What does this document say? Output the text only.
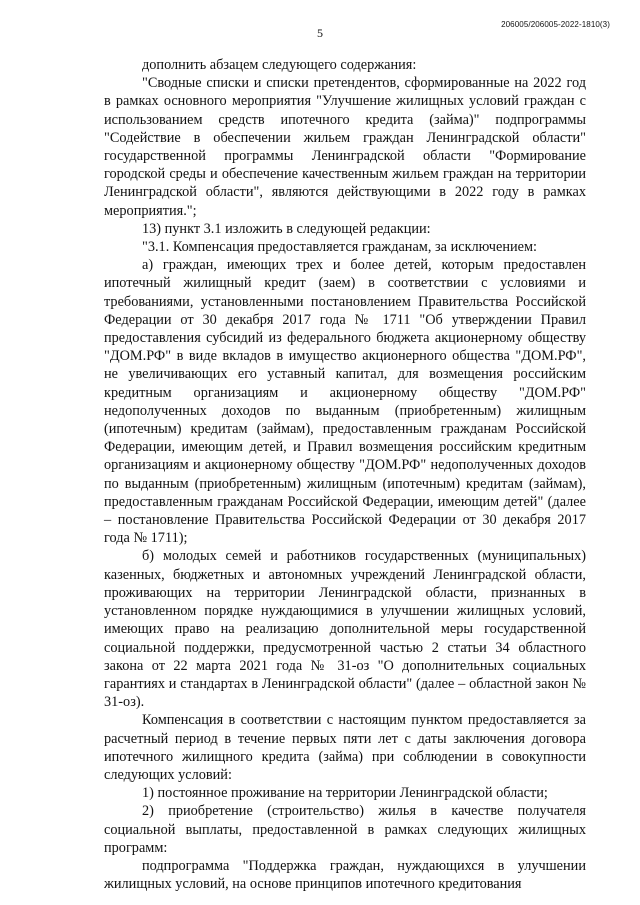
206005/206005-2022-1810(3)
5

дополнить абзацем следующего содержания:

"Сводные списки и списки претендентов, сформированные на 2022 год в рамках основного мероприятия "Улучшение жилищных условий граждан с использованием средств ипотечного кредита (займа)" подпрограммы "Содействие в обеспечении жильем граждан Ленинградской области" государственной программы Ленинградской области "Формирование городской среды и обеспечение качественным жильем граждан на территории Ленинградской области", являются действующими в 2022 году в рамках мероприятия.";

13) пункт 3.1 изложить в следующей редакции:

"3.1. Компенсация предоставляется гражданам, за исключением:

а) граждан, имеющих трех и более детей, которым предоставлен ипотечный жилищный кредит (заем) в соответствии с условиями и требованиями, установленными постановлением Правительства Российской Федерации от 30 декабря 2017 года № 1711 "Об утверждении Правил предоставления субсидий из федерального бюджета акционерному обществу "ДОМ.РФ" в виде вкладов в имущество акционерного общества "ДОМ.РФ", не увеличивающих его уставный капитал, для возмещения российским кредитным организациям и акционерному обществу "ДОМ.РФ" недополученных доходов по выданным (приобретенным) жилищным (ипотечным) кредитам (займам), предоставленным гражданам Российской Федерации, имеющим детей, и Правил возмещения российским кредитным организациям и акционерному обществу "ДОМ.РФ" недополученных доходов по выданным (приобретенным) жилищным (ипотечным) кредитам (займам), предоставленным гражданам Российской Федерации, имеющим детей" (далее – постановление Правительства Российской Федерации от 30 декабря 2017 года № 1711);

б) молодых семей и работников государственных (муниципальных) казенных, бюджетных и автономных учреждений Ленинградской области, проживающих на территории Ленинградской области, признанных в установленном порядке нуждающимися в улучшении жилищных условий, имеющих право на реализацию дополнительной меры государственной социальной поддержки, предусмотренной частью 2 статьи 34 областного закона от 22 марта 2021 года № 31-оз "О дополнительных социальных гарантиях и стандартах в Ленинградской области" (далее – областной закон № 31-оз).

Компенсация в соответствии с настоящим пунктом предоставляется за расчетный период в течение первых пяти лет с даты заключения договора ипотечного жилищного кредита (займа) при соблюдении в совокупности следующих условий:

1) постоянное проживание на территории Ленинградской области;

2) приобретение (строительство) жилья в качестве получателя социальной выплаты, предоставленной в рамках следующих жилищных программ:

подпрограмма "Поддержка граждан, нуждающихся в улучшении жилищных условий, на основе принципов ипотечного кредитования
